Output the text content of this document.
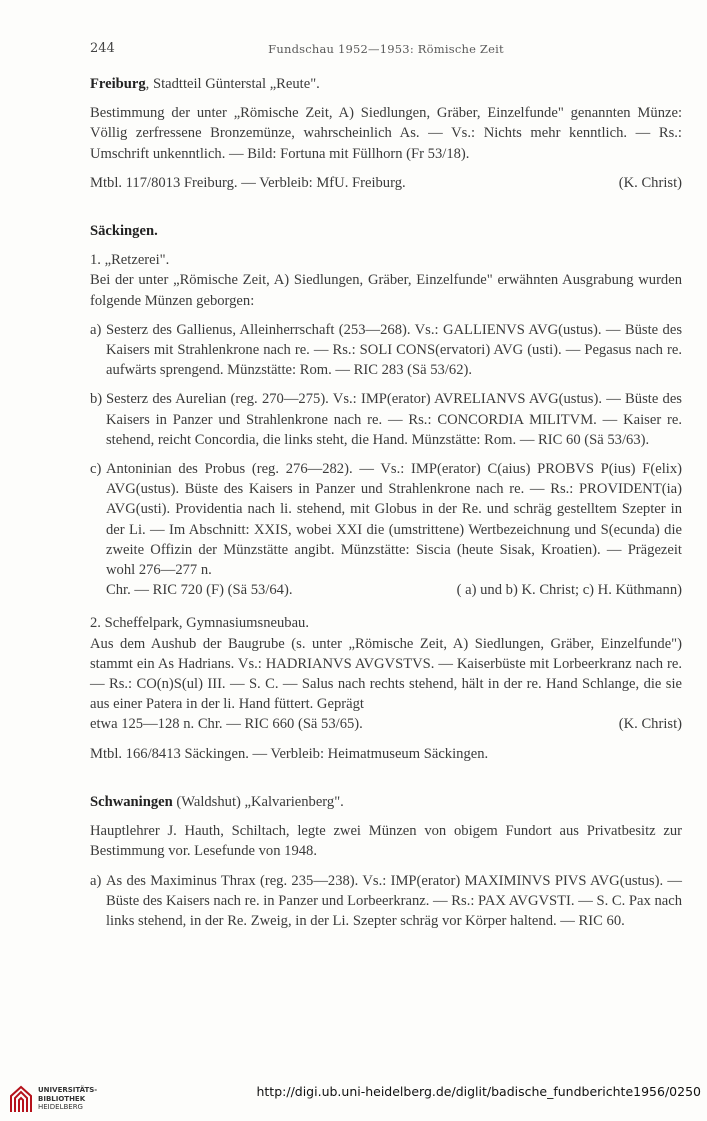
244	Fundschau 1952—1953: Römische Zeit

Freiburg, Stadtteil Günterstal „Reute".

Bestimmung der unter „Römische Zeit, A) Siedlungen, Gräber, Einzelfunde" genannten Münze: Völlig zerfressene Bronzemünze, wahrscheinlich As. — Vs.: Nichts mehr kenntlich. — Rs.: Umschrift unkenntlich. — Bild: Fortuna mit Füllhorn (Fr 53/18).

Mtbl. 117/8013 Freiburg. — Verbleib: MfU. Freiburg.	(K. Christ)

Säckingen.

1. „Retzerei".

Bei der unter „Römische Zeit, A) Siedlungen, Gräber, Einzelfunde" erwähnten Ausgrabung wurden folgende Münzen geborgen:

a) Sesterz des Gallienus, Alleinherrschaft (253—268). Vs.: GALLIENVS AVG(ustus). — Büste des Kaisers mit Strahlenkrone nach re. — Rs.: SOLI CONS(ervatori) AVG (usti). — Pegasus nach re. aufwärts sprengend. Münzstätte: Rom. — RIC 283 (Sä 53/62).
b) Sesterz des Aurelian (reg. 270—275). Vs.: IMP(erator) AVRELIANVS AVG(ustus). — Büste des Kaisers in Panzer und Strahlenkrone nach re. — Rs.: CONCORDIA MILITVM. — Kaiser re. stehend, reicht Concordia, die links steht, die Hand. Münzstätte: Rom. — RIC 60 (Sä 53/63).
c) Antoninian des Probus (reg. 276—282). — Vs.: IMP(erator) C(aius) PROBVS P(ius) F(elix) AVG(ustus). Büste des Kaisers in Panzer und Strahlenkrone nach re. — Rs.: PROVIDENT(ia) AVG(usti). Providentia nach li. stehend, mit Globus in der Re. und schräg gestelltem Szepter in der Li. — Im Abschnitt: XXIS, wobei XXI die (umstrittene) Wertbezeichnung und S(ecunda) die zweite Offizin der Münzstätte angibt. Münzstätte: Siscia (heute Sisak, Kroatien). — Prägezeit wohl 276—277 n.
Chr. — RIC 720 (F) (Sä 53/64).	( a) und b) K. Christ; c) H. Küthmann)

2. Scheffelpark, Gymnasiumsneubau.

Aus dem Aushub der Baugrube (s. unter „Römische Zeit, A) Siedlungen, Gräber, Einzelfunde") stammt ein As Hadrians. Vs.: HADRIANVS AVGVSTVS. — Kaiserbüste mit Lorbeerkranz nach re. — Rs.: CO(n)S(ul) III. — S. C. — Salus nach rechts stehend, hält in der re. Hand Schlange, die sie aus einer Patera in der li. Hand füttert. Geprägt

etwa 125—128 n. Chr. — RIC 660 (Sä 53/65).	(K. Christ)

Mtbl. 166/8413 Säckingen. — Verbleib: Heimatmuseum Säckingen.

Schwaningen (Waldshut) „Kalvarienberg".

Hauptlehrer J. Hauth, Schiltach, legte zwei Münzen von obigem Fundort aus Privatbesitz zur Bestimmung vor. Lesefunde von 1948.

a) As des Maximinus Thrax (reg. 235—238). Vs.: IMP(erator) MAXIMINVS PIVS AVG(ustus). — Büste des Kaisers nach re. in Panzer und Lorbeerkranz. — Rs.: PAX AVGVSTI. — S. C. Pax nach links stehend, in der Re. Zweig, in der Li. Szepter schräg vor Körper haltend. — RIC 60.
UNIVERSITÄTS-
BIBLIOTHEK
HEIDELBERG
http://digi.ub.uni-heidelberg.de/diglit/badische_fundberichte1956/0250
